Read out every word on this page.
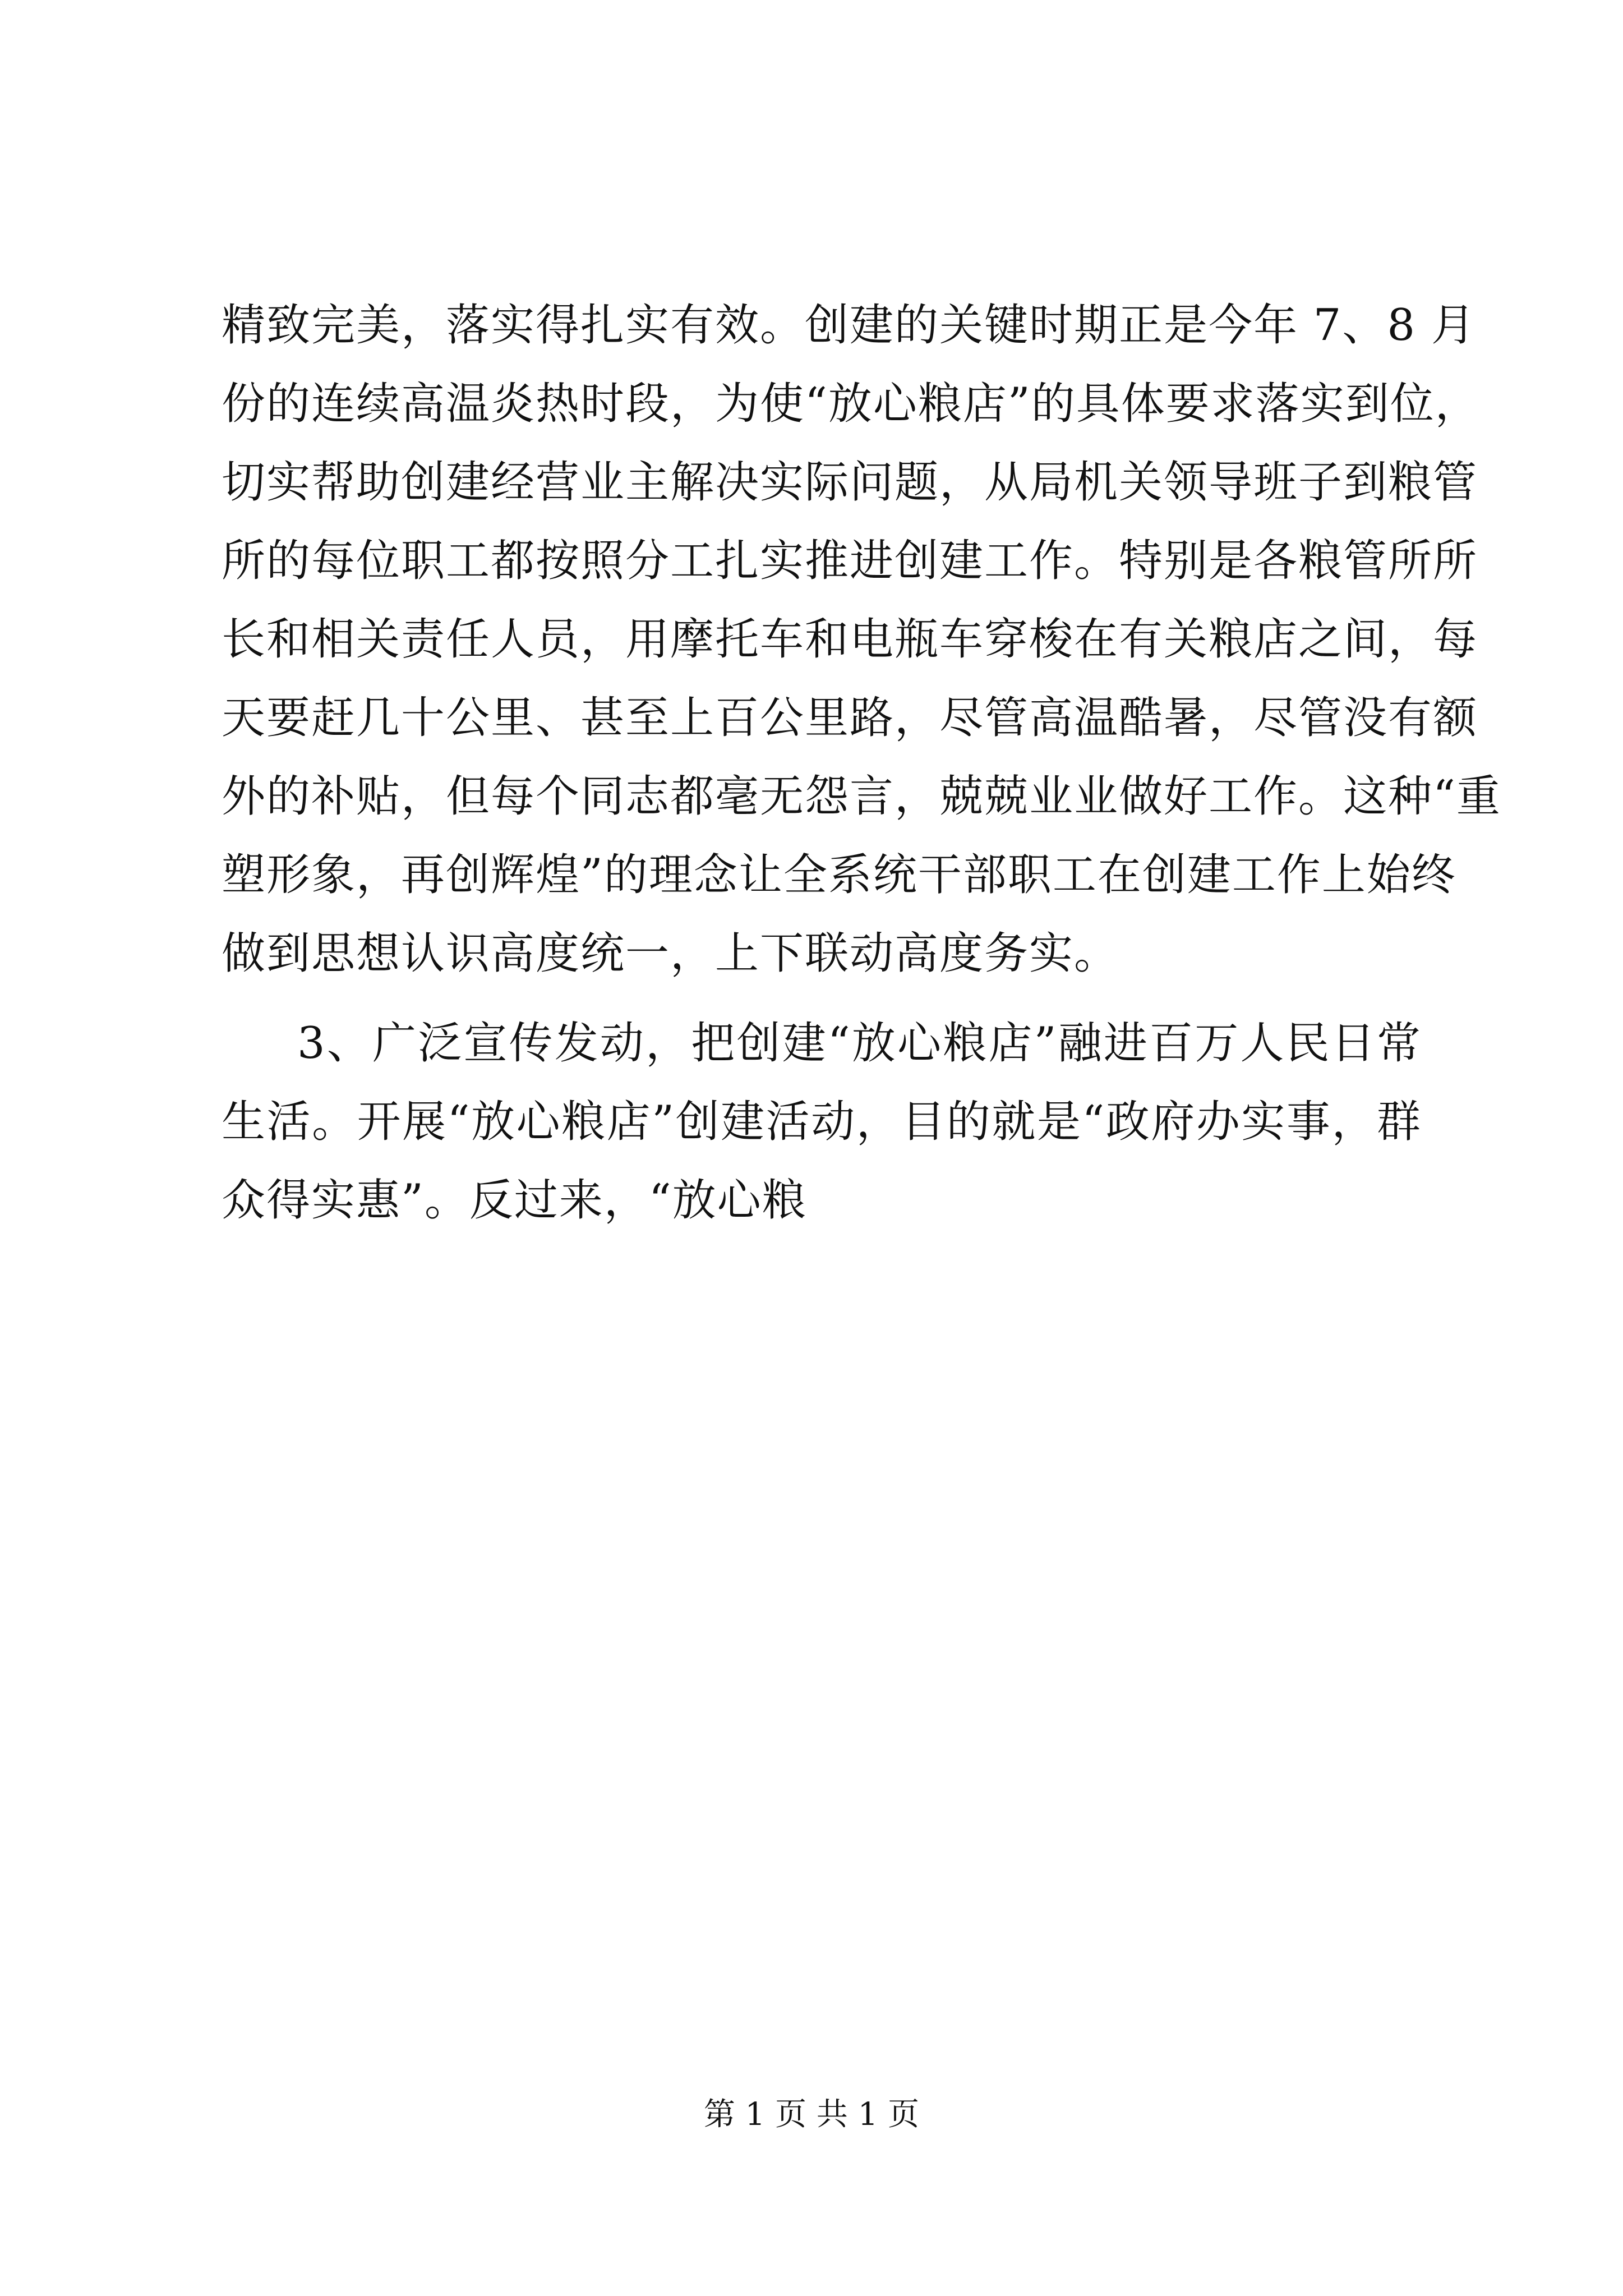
精致完美，落实得扎实有效。创建的关键时期正是今年 7、8 月
份的连续高温炎热时段，为使“放心粮店”的具体要求落实到位，
切实帮助创建经营业主解决实际问题，从局机关领导班子到粮管
所的每位职工都按照分工扎实推进创建工作。特别是各粮管所所
长和相关责任人员，用摩托车和电瓶车穿梭在有关粮店之间，每
天要赶几十公里、甚至上百公里路，尽管高温酷暑，尽管没有额
外的补贴，但每个同志都毫无怨言，兢兢业业做好工作。这种“重
塑形象，再创辉煌”的理念让全系统干部职工在创建工作上始终
做到思想认识高度统一，上下联动高度务实。
3、广泛宣传发动，把创建“放心粮店”融进百万人民日常
生活。开展“放心粮店”创建活动，目的就是“政府办实事，群
众得实惠”。反过来，“放心粮
第 1 页 共 1 页
